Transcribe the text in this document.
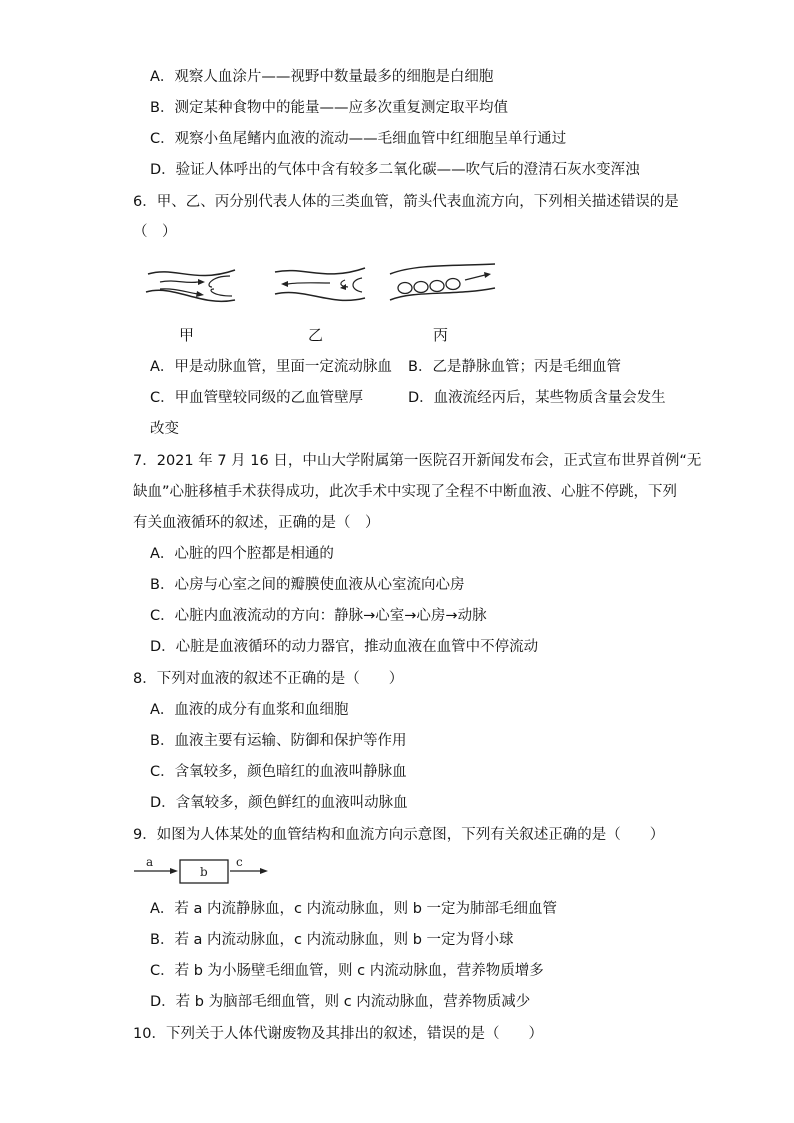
A．观察人血涂片——视野中数量最多的细胞是白细胞
B．测定某种食物中的能量——应多次重复测定取平均值
C．观察小鱼尾鳍内血液的流动——毛细血管中红细胞呈单行通过
D．验证人体呼出的气体中含有较多二氧化碳——吹气后的澄清石灰水变浑浊
6．甲、乙、丙分别代表人体的三类血管，箭头代表血流方向，下列相关描述错误的是
（　）
甲	乙	丙
A．甲是动脉血管，里面一定流动脉血 B．乙是静脉血管；丙是毛细血管
C．甲血管壁较同级的乙血管壁厚	D．血液流经丙后，某些物质含量会发生
改变
7．2021 年 7 月 16 日，中山大学附属第一医院召开新闻发布会，正式宣布世界首例“无
缺血”心脏移植手术获得成功，此次手术中实现了全程不中断血液、心脏不停跳，下列
有关血液循环的叙述，正确的是（　）
A．心脏的四个腔都是相通的
B．心房与心室之间的瓣膜使血液从心室流向心房
C．心脏内血液流动的方向：静脉→心室→心房→动脉
D．心脏是血液循环的动力器官，推动血液在血管中不停流动
8．下列对血液的叙述不正确的是（　　）
A．血液的成分有血浆和血细胞
B．血液主要有运输、防御和保护等作用
C．含氧较多，颜色暗红的血液叫静脉血
D．含氧较多，颜色鲜红的血液叫动脉血
9．如图为人体某处的血管结构和血流方向示意图，下列有关叙述正确的是（　　）
a
b
c
A．若 a 内流静脉血，c 内流动脉血，则 b 一定为肺部毛细血管
B．若 a 内流动脉血，c 内流动脉血，则 b 一定为肾小球
C．若 b 为小肠壁毛细血管，则 c 内流动脉血，营养物质增多
D．若 b 为脑部毛细血管，则 c 内流动脉血，营养物质减少
10．下列关于人体代谢废物及其排出的叙述，错误的是（　　）
